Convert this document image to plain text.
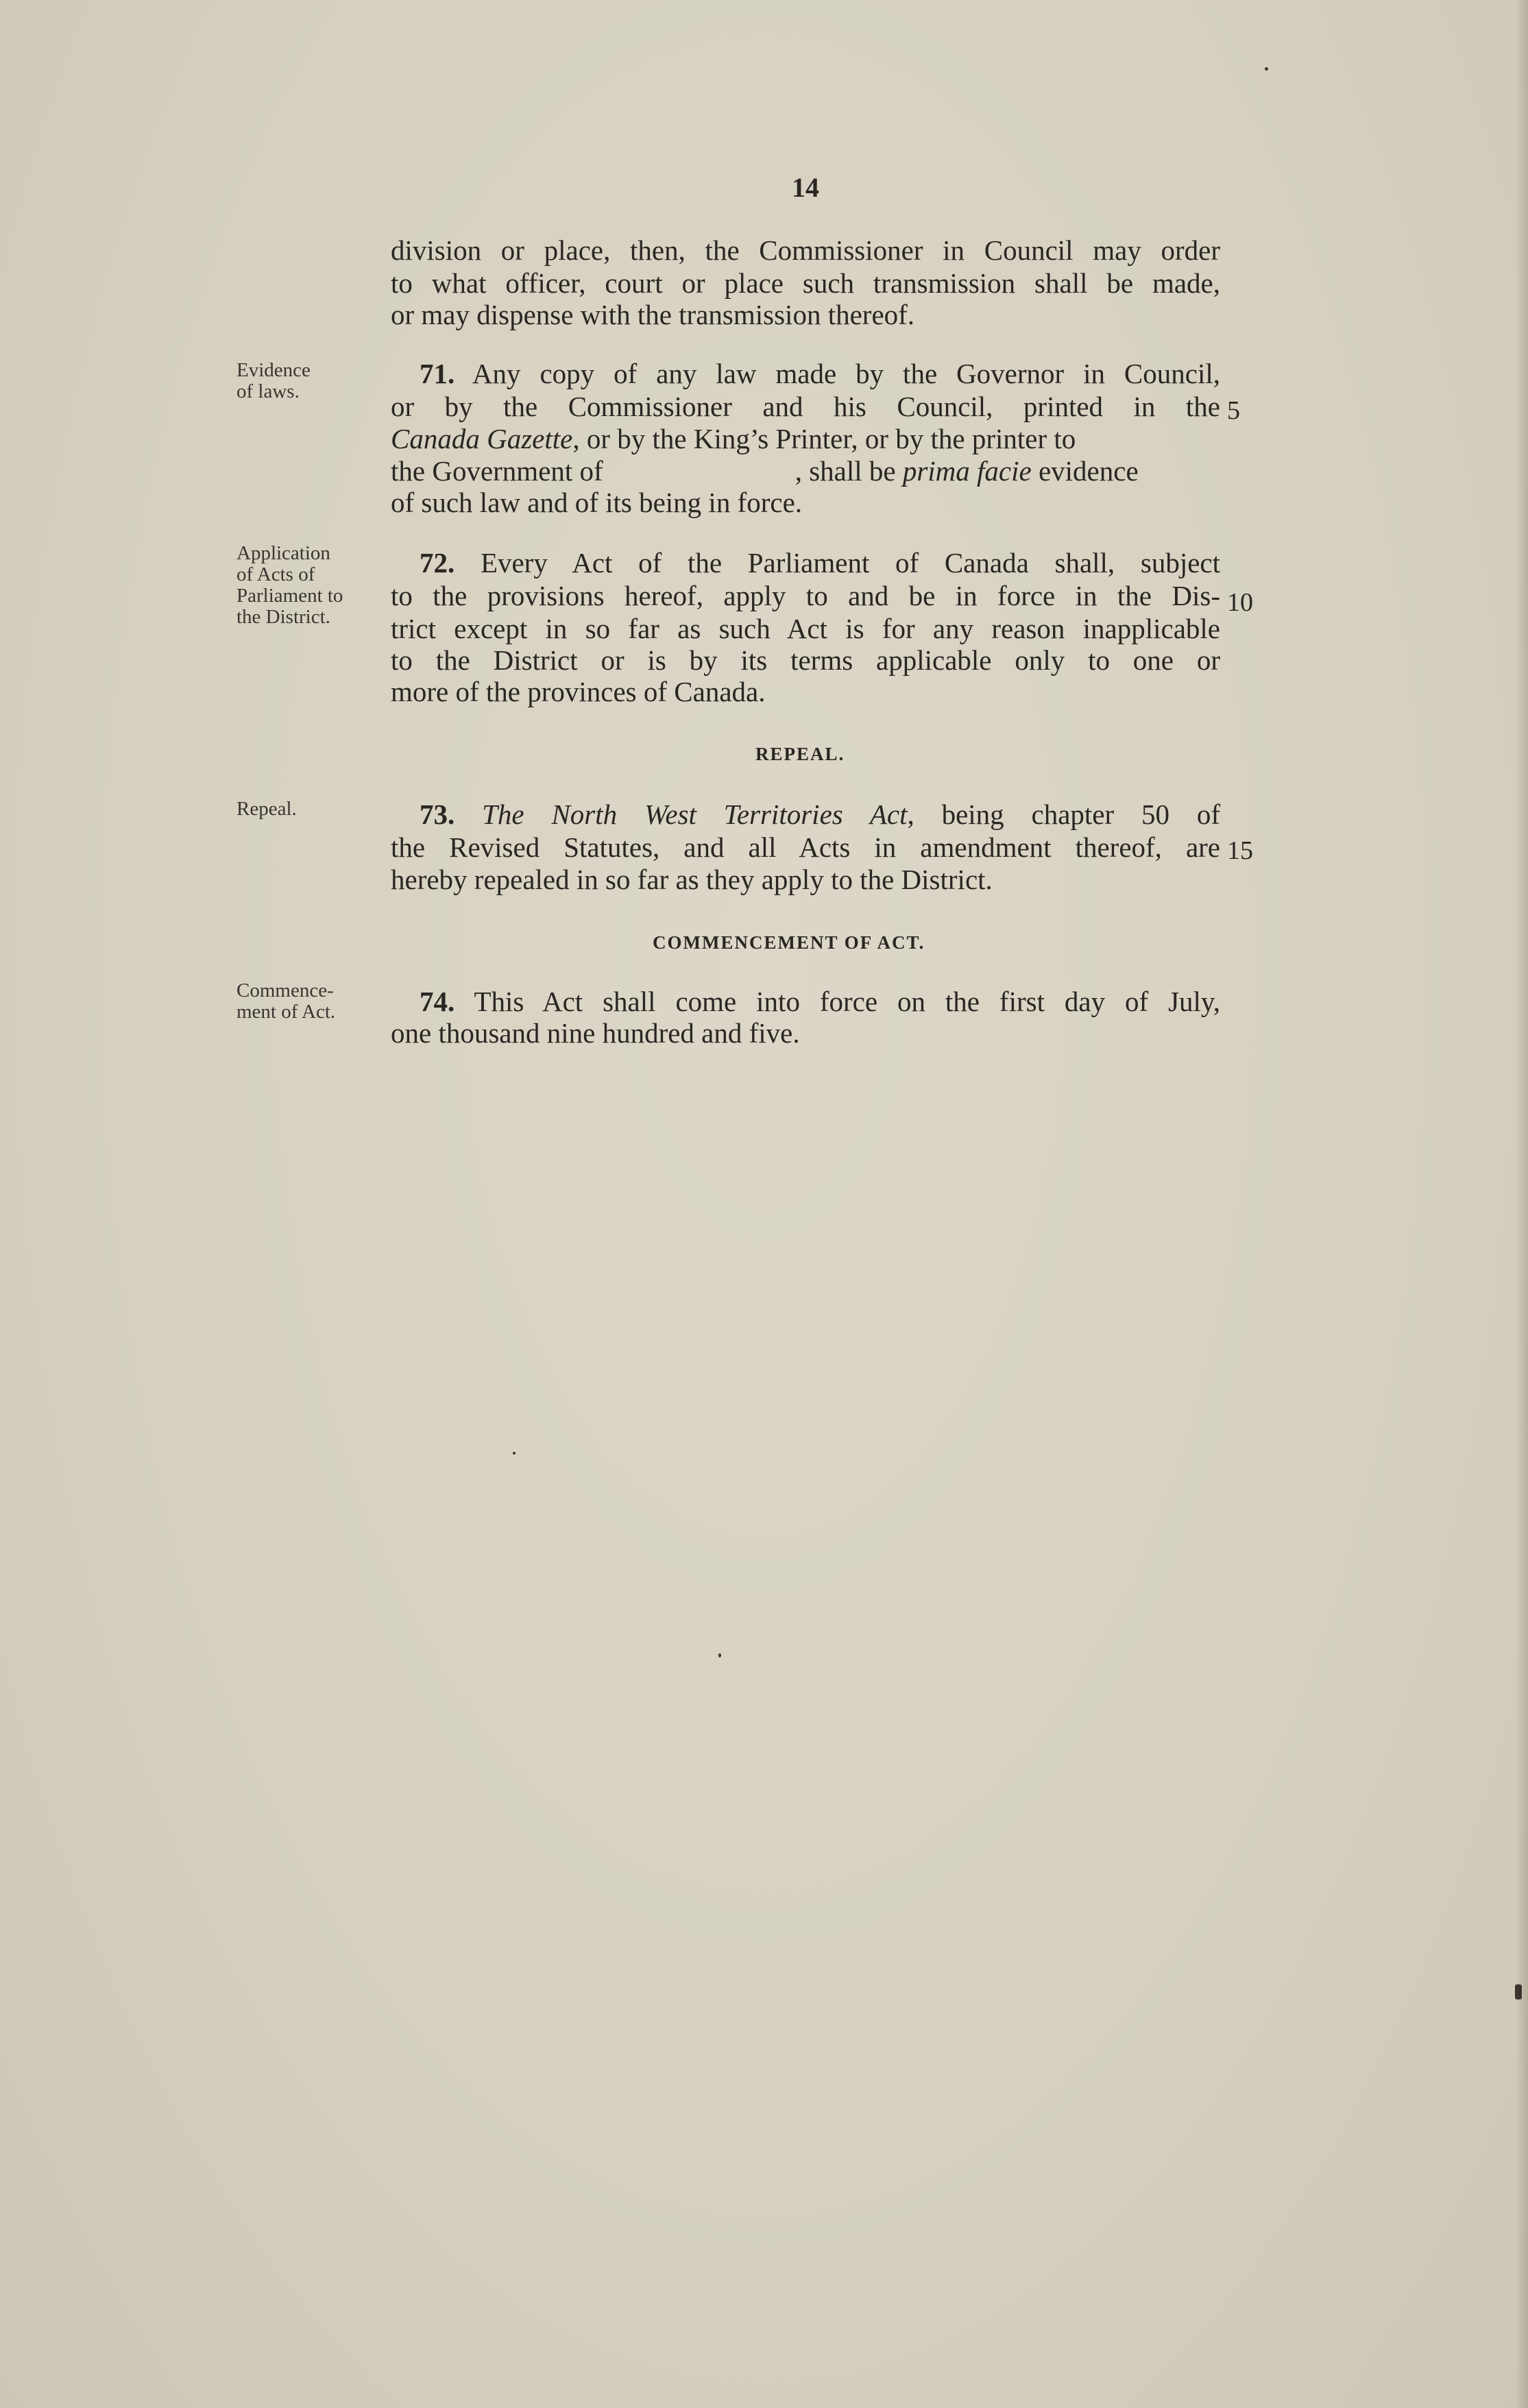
14
division or place, then, the Commissioner in Council may order
to what officer, court or place such transmission shall be made,
or may dispense with the transmission thereof.
Evidence
of laws.
71. Any copy of any law made by the Governor in Council,
or by the Commissioner and his Council, printed in the 5
Canada Gazette, or by the King’s Printer, or by the printer to
the Government of	, shall be prima facie evidence
of such law and of its being in force.
Application
of Acts of
Parliament to
the District.
72. Every Act of the Parliament of Canada shall, subject
to the provisions hereof, apply to and be in force in the Dis- 10
trict except in so far as such Act is for any reason inapplicable
to the District or is by its terms applicable only to one or
more of the provinces of Canada.
REPEAL.
Repeal.	73. The North West Territories Act, being chapter 50 of
the Revised Statutes, and all Acts in amendment thereof, are 15
hereby repealed in so far as they apply to the District.
COMMENCEMENT OF ACT.
Commence-
ment of Act.	74. This Act shall come into force on the first day of July,
one thousand nine hundred and five.
